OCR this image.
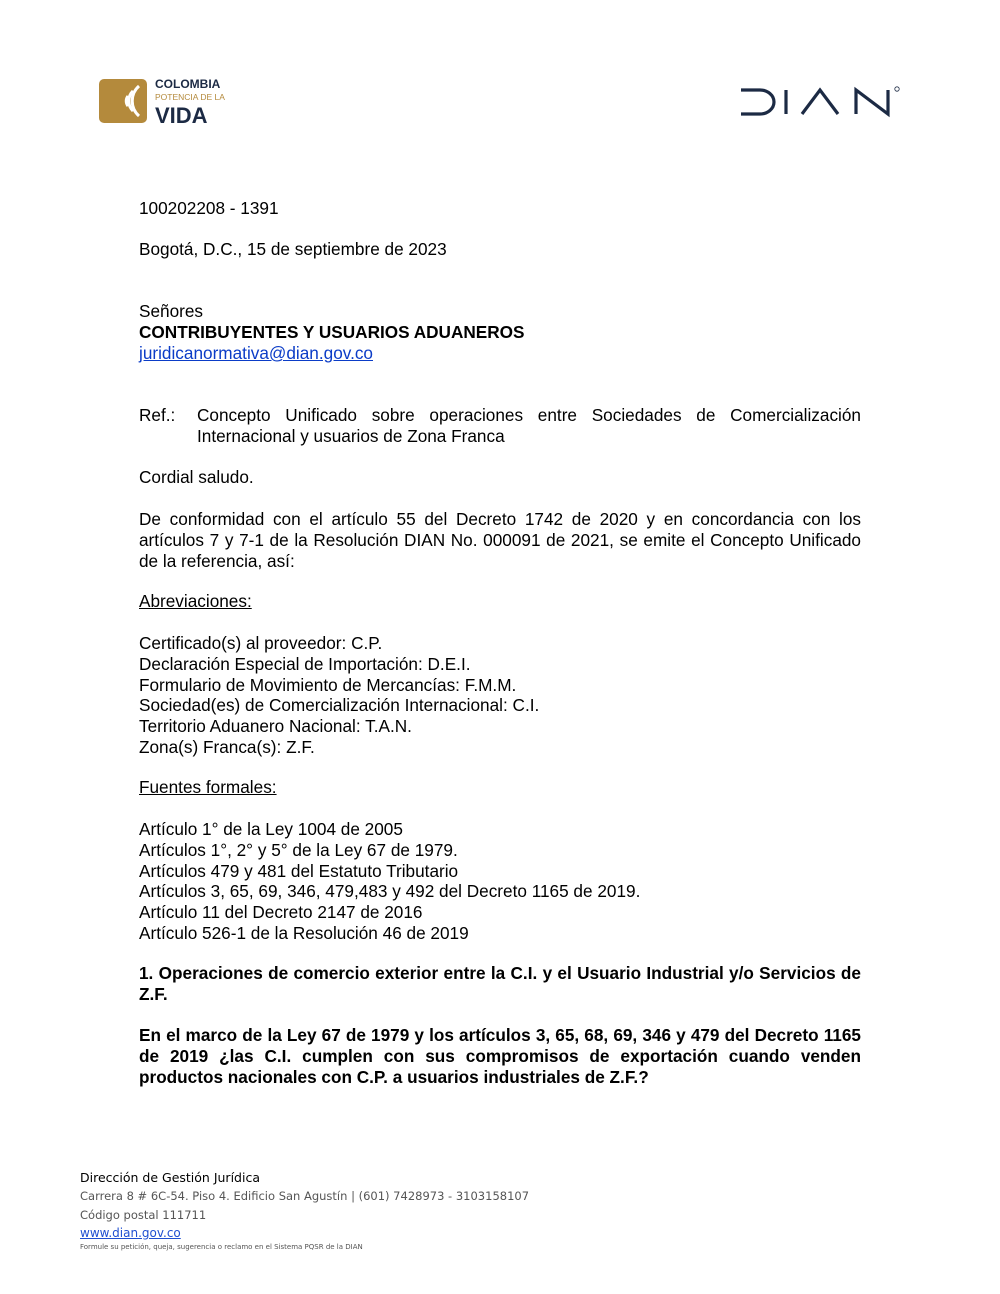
COLOMBIA
POTENCIA DE LA
VIDA
DIAN
100202208 - 1391
Bogotá, D.C., 15 de septiembre de 2023
Señores
CONTRIBUYENTES Y USUARIOS ADUANEROS
juridicanormativa@dian.gov.co
Ref.: Concepto Unificado sobre operaciones entre Sociedades de Comercialización Internacional y usuarios de Zona Franca
Cordial saludo.
De conformidad con el artículo 55 del Decreto 1742 de 2020 y en concordancia con los artículos 7 y 7-1 de la Resolución DIAN No. 000091 de 2021, se emite el Concepto Unificado de la referencia, así:
Abreviaciones:
Certificado(s) al proveedor: C.P.
Declaración Especial de Importación: D.E.I.
Formulario de Movimiento de Mercancías: F.M.M.
Sociedad(es) de Comercialización Internacional: C.I.
Territorio Aduanero Nacional: T.A.N.
Zona(s) Franca(s): Z.F.
Fuentes formales:
Artículo 1° de la Ley 1004 de 2005
Artículos 1°, 2° y 5° de la Ley 67 de 1979.
Artículos 479 y 481 del Estatuto Tributario
Artículos 3, 65, 69, 346, 479,483 y 492 del Decreto 1165 de 2019.
Artículo 11 del Decreto 2147 de 2016
Artículo 526-1 de la Resolución 46 de 2019
1. Operaciones de comercio exterior entre la C.I. y el Usuario Industrial y/o Servicios de Z.F.
En el marco de la Ley 67 de 1979 y los artículos 3, 65, 68, 69, 346 y 479 del Decreto 1165 de 2019 ¿las C.I. cumplen con sus compromisos de exportación cuando venden productos nacionales con C.P. a usuarios industriales de Z.F.?
Dirección de Gestión Jurídica
Carrera 8 # 6C-54. Piso 4. Edificio San Agustín | (601) 7428973 - 3103158107
Código postal 111711
www.dian.gov.co
Formule su petición, queja, sugerencia o reclamo en el Sistema PQSR de la DIAN
